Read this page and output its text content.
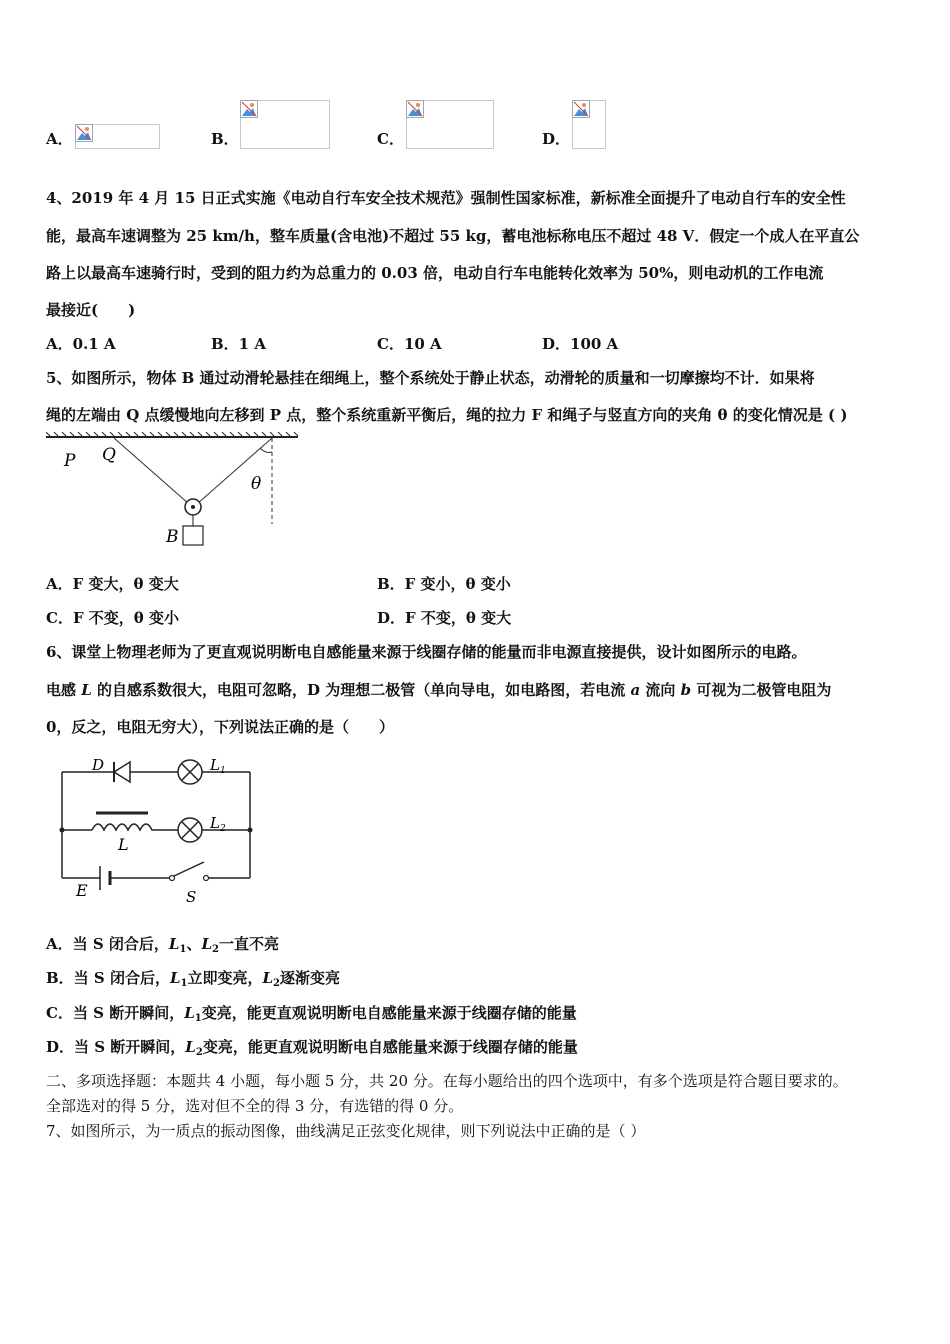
A．	B．	C．	D．
4、2019 年 4 月 15 日正式实施《电动自行车安全技术规范》强制性国家标准，新标准全面提升了电动自行车的安全性
能，最高车速调整为 25 km/h，整车质量(含电池)不超过 55 kg，蓄电池标称电压不超过 48 V．假定一个成人在平直公
路上以最高车速骑行时，受到的阻力约为总重力的 0.03 倍，电动自行车电能转化效率为 50%，则电动机的工作电流
最接近(　　)
A．0.1 A	B．1 A	C．10 A	D．100 A
5、如图所示，物体 B 通过动滑轮悬挂在细绳上，整个系统处于静止状态，动滑轮的质量和一切摩擦均不计．如果将
绳的左端由 Q 点缓慢地向左移到 P 点，整个系统重新平衡后，绳的拉力 F 和绳子与竖直方向的夹角 θ 的变化情况是 ( )
P Q
B
θ
A．F 变大，θ 变大	B．F 变小，θ 变小
C．F 不变，θ 变小	D．F 不变，θ 变大
6、课堂上物理老师为了更直观说明断电自感能量来源于线圈存储的能量而非电源直接提供，设计如图所示的电路。
电感 L 的自感系数很大，电阻可忽略，D 为理想二极管（单向导电，如电路图，若电流 a 流向 b 可视为二极管电阻为
0，反之，电阻无穷大），下列说法正确的是（　　）
D	$L_1$
$L_2$
L
E	S
A．当 S 闭合后，$L_1$、$L_2$一直不亮
B．当 S 闭合后，$L_1$立即变亮，$L_2$逐渐变亮
C．当 S 断开瞬间，$L_1$变亮，能更直观说明断电自感能量来源于线圈存储的能量
D．当 S 断开瞬间，$L_2$变亮，能更直观说明断电自感能量来源于线圈存储的能量
二、多项选择题：本题共 4 小题，每小题 5 分，共 20 分。在每小题给出的四个选项中，有多个选项是符合题目要求的。
全部选对的得 5 分，选对但不全的得 3 分，有选错的得 0 分。
7、如图所示，为一质点的振动图像，曲线满足正弦变化规律，则下列说法中正确的是（ ）
